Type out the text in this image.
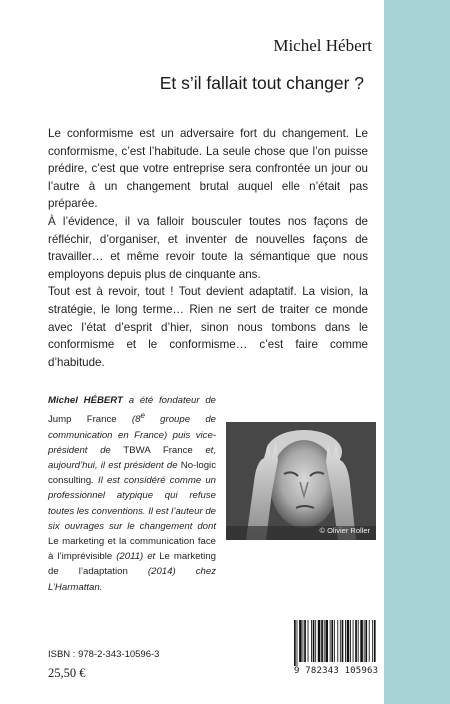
Michel Hébert
Et s’il fallait tout changer ?

Le conformisme est un adversaire fort du changement. Le conformisme, c’est l’habitude. La seule chose que l’on puisse prédire, c’est que votre entreprise sera confrontée un jour ou l’autre à un changement brutal auquel elle n’était pas préparée.

À l’évidence, il va falloir bousculer toutes nos façons de réfléchir, d’organiser, et inventer de nouvelles façons de travailler… et même revoir toute la sémantique que nous employons depuis plus de cinquante ans.

Tout est à revoir, tout ! Tout devient adaptatif. La vision, la stratégie, le long terme… Rien ne sert de traiter ce monde avec l’état d’esprit d’hier, sinon nous tombons dans le conformisme et le conformisme… c’est faire comme d’habitude.

Michel HÉBERT a été fondateur de Jump France (8e groupe de communication en France) puis vice-président de TBWA France et, aujourd’hui, il est président de No-logic consulting. Il est considéré comme un professionnel atypique qui refuse toutes les conventions. Il est l’auteur de six ouvrages sur le changement dont Le marketing et la communication face à l’imprévisible (2011) et Le marketing de l’adaptation (2014) chez L’Harmattan.
© Olivier Roller
ISBN : 978-2-343-10596-3
25,50 €	9 782343 105963
